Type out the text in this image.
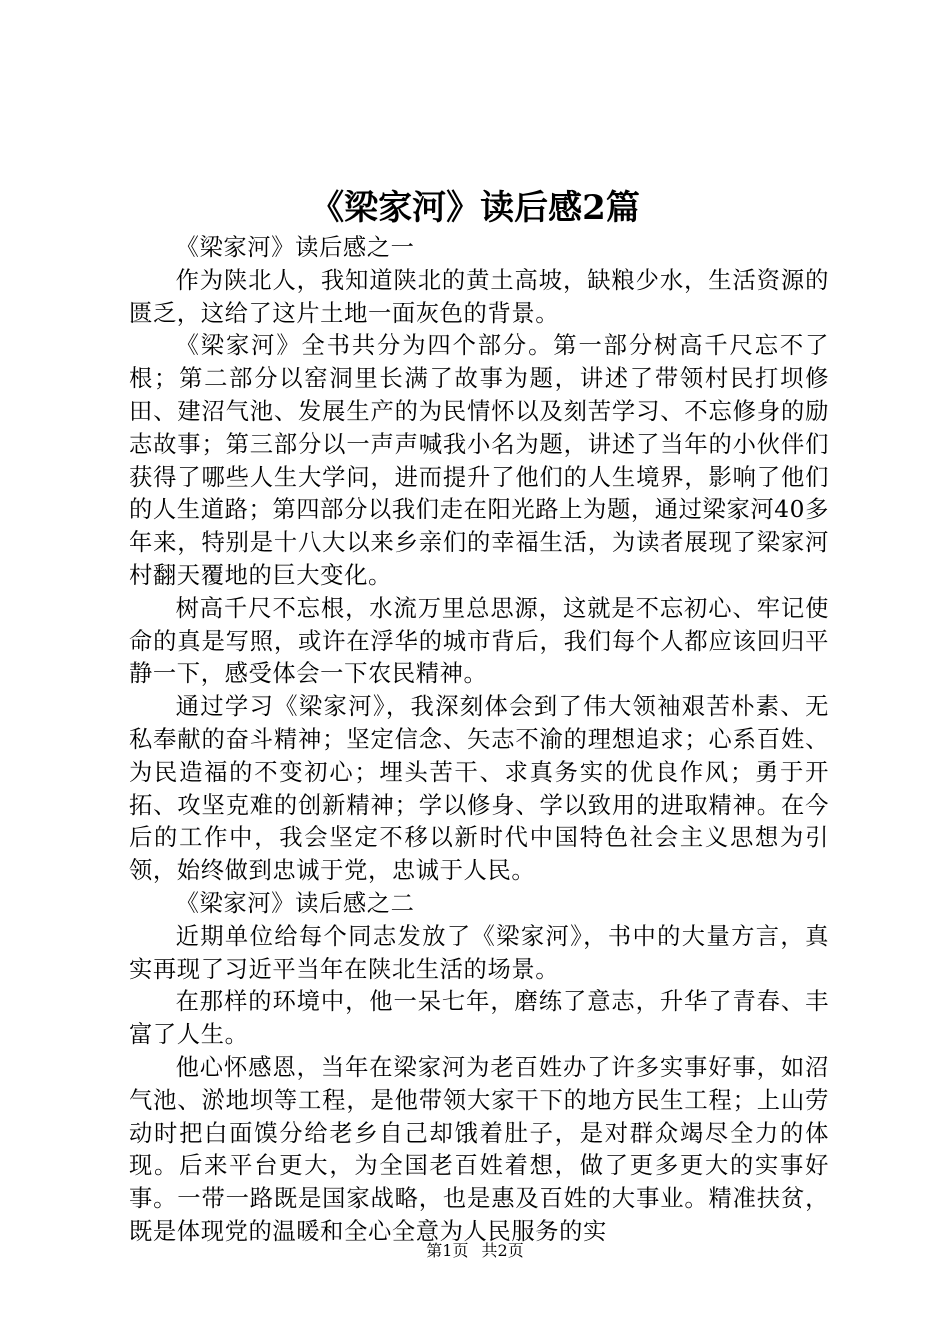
《梁家河》读后感2篇

《梁家河》读后感之一

作为陕北人，我知道陕北的黄土高坡，缺粮少水，生活资源的匮乏，这给了这片土地一面灰色的背景。

《梁家河》全书共分为四个部分。第一部分树高千尺忘不了根；第二部分以窑洞里长满了故事为题，讲述了带领村民打坝修田、建沼气池、发展生产的为民情怀以及刻苦学习、不忘修身的励志故事；第三部分以一声声喊我小名为题，讲述了当年的小伙伴们获得了哪些人生大学问，进而提升了他们的人生境界，影响了他们的人生道路；第四部分以我们走在阳光路上为题，通过梁家河40多年来，特别是十八大以来乡亲们的幸福生活，为读者展现了梁家河村翻天覆地的巨大变化。

树高千尺不忘根，水流万里总思源，这就是不忘初心、牢记使命的真是写照，或许在浮华的城市背后，我们每个人都应该回归平静一下，感受体会一下农民精神。

通过学习《梁家河》，我深刻体会到了伟大领袖艰苦朴素、无私奉献的奋斗精神；坚定信念、矢志不渝的理想追求；心系百姓、为民造福的不变初心；埋头苦干、求真务实的优良作风；勇于开拓、攻坚克难的创新精神；学以修身、学以致用的进取精神。在今后的工作中，我会坚定不移以新时代中国特色社会主义思想为引领，始终做到忠诚于党，忠诚于人民。

《梁家河》读后感之二

近期单位给每个同志发放了《梁家河》，书中的大量方言，真实再现了习近平当年在陕北生活的场景。

在那样的环境中，他一呆七年，磨练了意志，升华了青春、丰富了人生。

他心怀感恩，当年在梁家河为老百姓办了许多实事好事，如沼气池、淤地坝等工程，是他带领大家干下的地方民生工程；上山劳动时把白面馍分给老乡自己却饿着肚子，是对群众竭尽全力的体现。后来平台更大，为全国老百姓着想，做了更多更大的实事好事。一带一路既是国家战略，也是惠及百姓的大事业。精准扶贫，既是体现党的温暖和全心全意为人民服务的实

第1页 共2页
